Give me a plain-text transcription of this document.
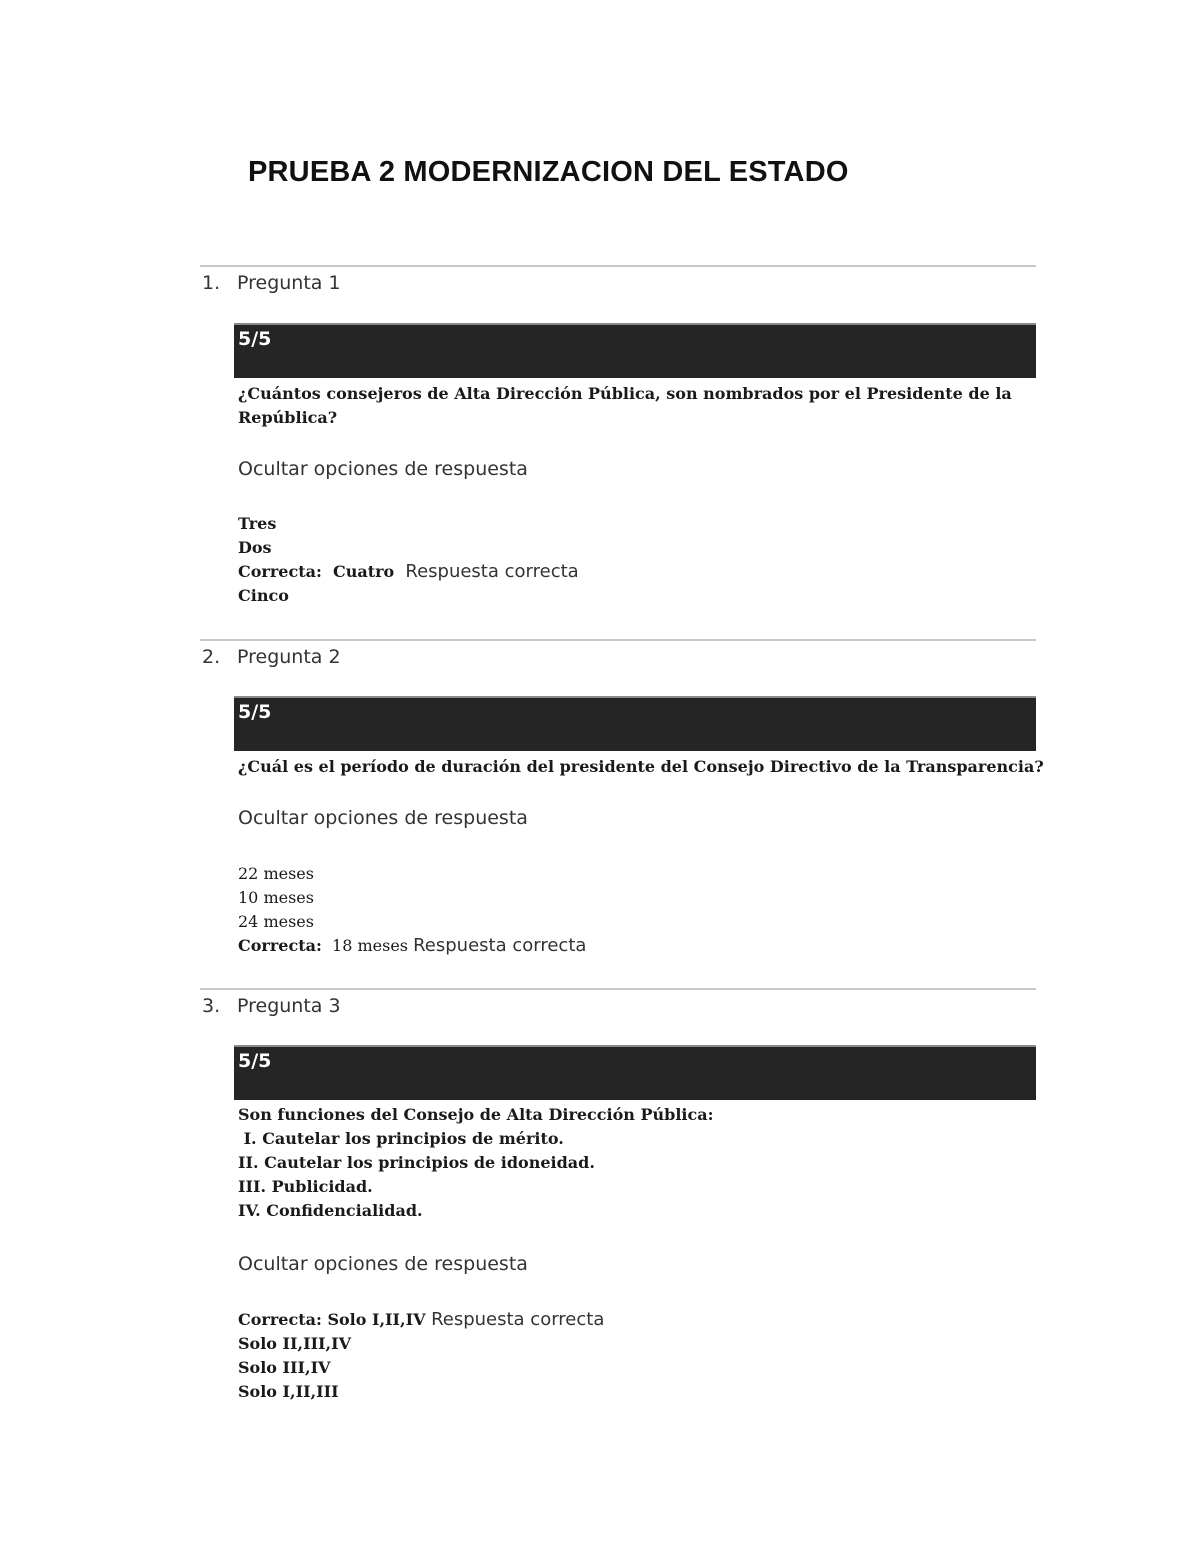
PRUEBA 2 MODERNIZACION DEL ESTADO
1. Pregunta 1
5/5
¿Cuántos consejeros de Alta Dirección Pública, son nombrados por el Presidente de la
República?
Ocultar opciones de respuesta
Tres
Dos
Correcta: Cuatro Respuesta correcta
Cinco
2. Pregunta 2
5/5
¿Cuál es el período de duración del presidente del Consejo Directivo de la Transparencia?
Ocultar opciones de respuesta
22 meses
10 meses
24 meses
Correcta: 18 meses Respuesta correcta
3. Pregunta 3
5/5
Son funciones del Consejo de Alta Dirección Pública:
I. Cautelar los principios de mérito.
II. Cautelar los principios de idoneidad.
III. Publicidad.
IV. Confidencialidad.
Ocultar opciones de respuesta
Correcta: Solo I,II,IV Respuesta correcta
Solo II,III,IV
Solo III,IV
Solo I,II,III
